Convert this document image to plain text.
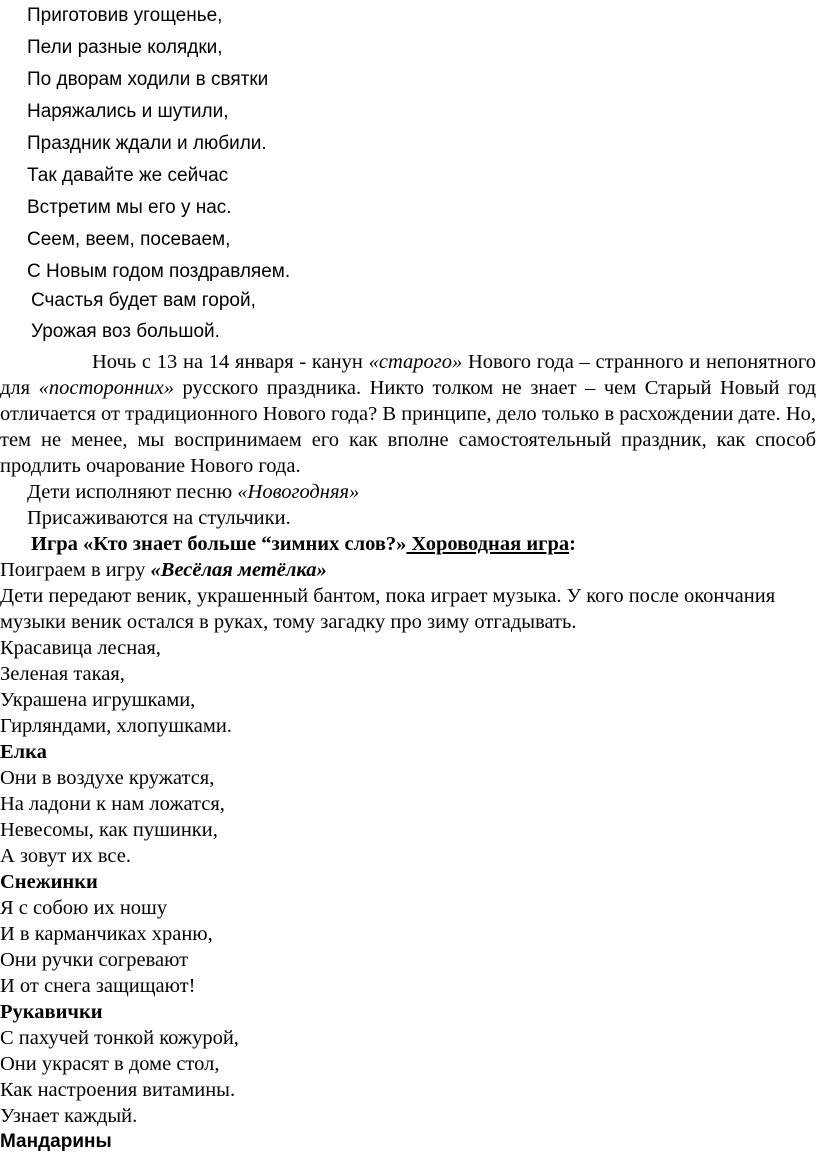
Приготовив угощенье,
Пели разные колядки,
По дворам ходили в святки
Наряжались и шутили,
Праздник ждали и любили.
Так давайте же сейчас
Встретим мы его у нас.
Сеем, веем, посеваем,
С Новым годом поздравляем.
Счастья будет вам горой,
Урожая воз большой.

Ночь с 13 на 14 января - канун «старого» Нового года – странного и непонятного для «посторонних» русского праздника. Никто толком не знает – чем Старый Новый год отличается от традиционного Нового года? В принципе, дело только в расхождении дате. Но, тем не менее, мы воспринимаем его как вполне самостоятельный праздник, как способ продлить очарование Нового года.

Дети исполняют песню «Новогодняя»

Присаживаются на стульчики.

Игра «Кто знает больше “зимних слов?» Хороводная игра:

Поиграем в игру «Весёлая метёлка»

Дети передают веник, украшенный бантом, пока играет музыка. У кого после окончания музыки веник остался в руках, тому загадку про зиму отгадывать.

Красавица лесная,

Зеленая такая,

Украшена игрушками,

Гирляндами, хлопушками.

Елка

Они в воздухе кружатся,

На ладони к нам ложатся,

Невесомы, как пушинки,

А зовут их все.

Снежинки

Я с собою их ношу

И в карманчиках храню,

Они ручки согревают

И от снега защищают!

Рукавички

С пахучей тонкой кожурой,

Они украсят в доме стол,

Как настроения витамины.

Узнает каждый.

Мандарины
